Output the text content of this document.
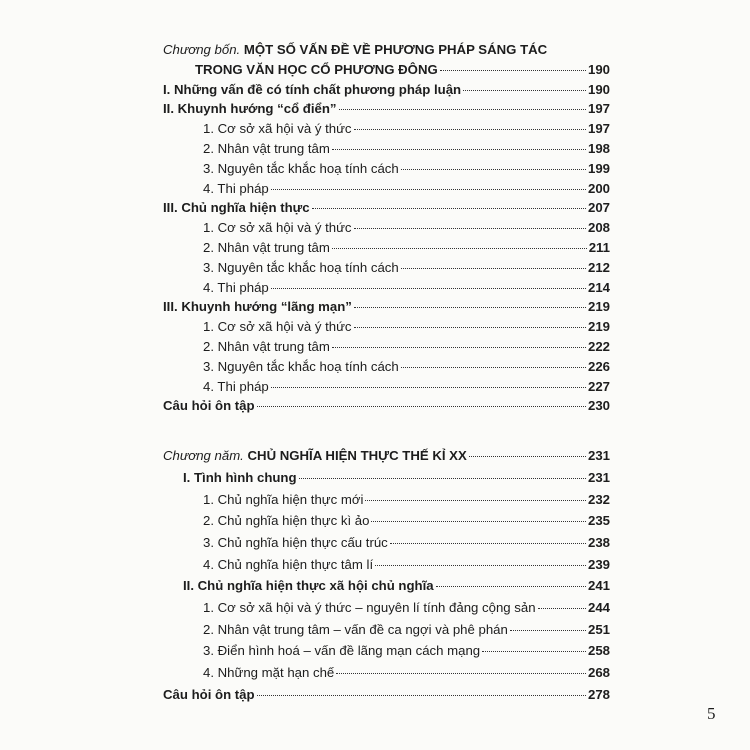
Chương bốn. MỘT SỐ VẤN ĐỀ VỀ PHƯƠNG PHÁP SÁNG TÁC
TRONG VĂN HỌC CỔ PHƯƠNG ĐÔNG	190
I. Những vấn đề có tính chất phương pháp luận	190
II. Khuynh hướng “cổ điển”	197
1. Cơ sở xã hội và ý thức	197
2. Nhân vật trung tâm	198
3. Nguyên tắc khắc hoạ tính cách	199
4. Thi pháp	200
III. Chủ nghĩa hiện thực	207
1. Cơ sở xã hội và ý thức	208
2. Nhân vật trung tâm	211
3. Nguyên tắc khắc hoạ tính cách	212
4. Thi pháp	214
III. Khuynh hướng “lãng mạn”	219
1. Cơ sở xã hội và ý thức	219
2. Nhân vật trung tâm	222
3. Nguyên tắc khắc hoạ tính cách	226
4. Thi pháp	227
Câu hỏi ôn tập	230
Chương năm. CHỦ NGHĨA HIỆN THỰC THẾ KỈ XX	231
I. Tình hình chung	231
1. Chủ nghĩa hiện thực mới	232
2. Chủ nghĩa hiện thực kì ảo	235
3. Chủ nghĩa hiện thực cấu trúc	238
4. Chủ nghĩa hiện thực tâm lí	239
II. Chủ nghĩa hiện thực xã hội chủ nghĩa	241
1. Cơ sở xã hội và ý thức – nguyên lí tính đảng cộng sản	244
2. Nhân vật trung tâm – vấn đề ca ngợi và phê phán	251
3. Điển hình hoá – vấn đề lãng mạn cách mạng	258
4. Những mặt hạn chế	268
Câu hỏi ôn tập	278
5
